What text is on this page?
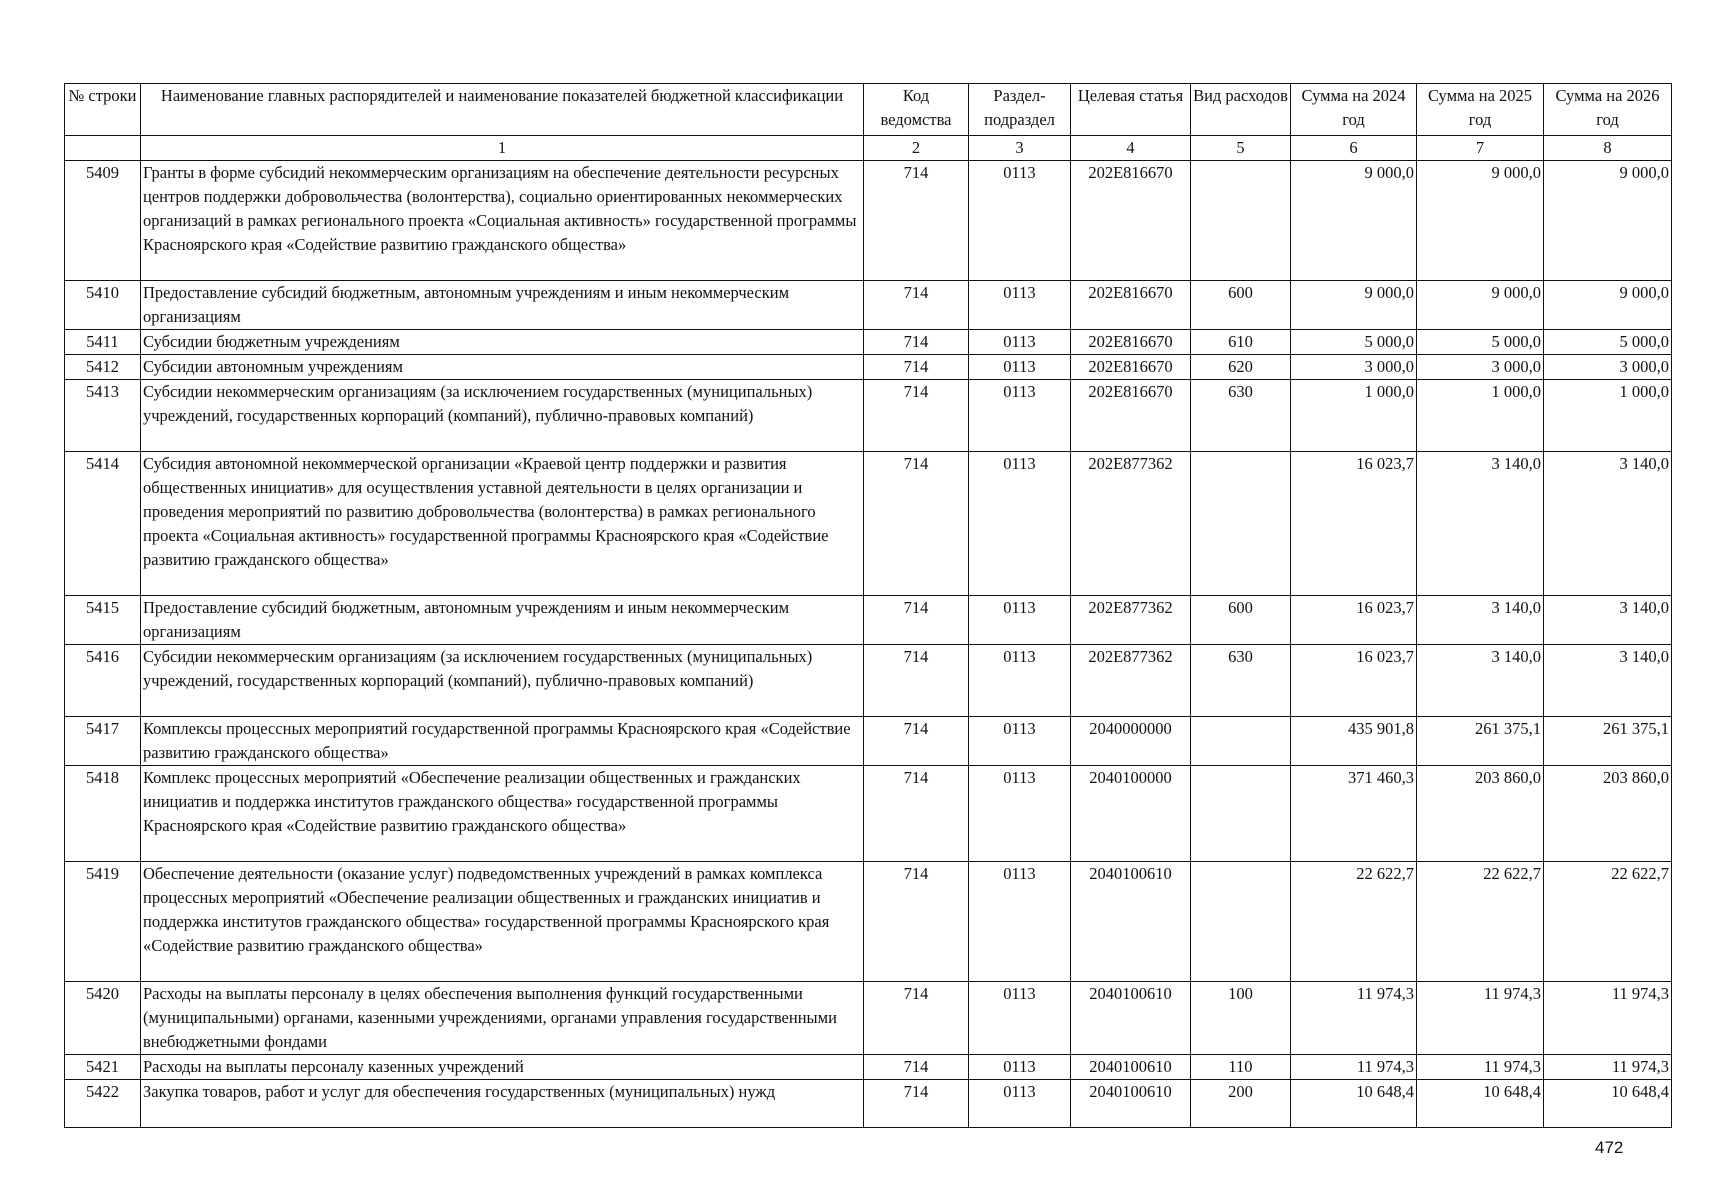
№ строки	Наименование главных распорядителей и наименование показателей бюджетной классификации	Код ведомства	Раздел-подраздел	Целевая статья	Вид расходов	Сумма на 2024 год	Сумма на 2025 год	Сумма на 2026 год
	1	2	3	4	5	6	7	8
5409	Гранты в форме субсидий некоммерческим организациям на обеспечение деятельности ресурсных центров поддержки добровольчества (волонтерства), социально ориентированных некоммерческих организаций в рамках регионального проекта «Социальная активность» государственной программы Красноярского края «Содействие развитию гражданского общества»	714	0113	202E816670		9 000,0	9 000,0	9 000,0
5410	Предоставление субсидий бюджетным, автономным учреждениям и иным некоммерческим организациям	714	0113	202E816670	600	9 000,0	9 000,0	9 000,0
5411	Субсидии бюджетным учреждениям	714	0113	202E816670	610	5 000,0	5 000,0	5 000,0
5412	Субсидии автономным учреждениям	714	0113	202E816670	620	3 000,0	3 000,0	3 000,0
5413	Субсидии некоммерческим организациям (за исключением государственных (муниципальных) учреждений, государственных корпораций (компаний), публично-правовых компаний)	714	0113	202E816670	630	1 000,0	1 000,0	1 000,0
5414	Субсидия автономной некоммерческой организации «Краевой центр поддержки и развития общественных инициатив» для осуществления уставной деятельности в целях организации и проведения мероприятий по развитию добровольчества (волонтерства) в рамках регионального проекта «Социальная активность» государственной программы Красноярского края «Содействие развитию гражданского общества»	714	0113	202E877362		16 023,7	3 140,0	3 140,0
5415	Предоставление субсидий бюджетным, автономным учреждениям и иным некоммерческим организациям	714	0113	202E877362	600	16 023,7	3 140,0	3 140,0
5416	Субсидии некоммерческим организациям (за исключением государственных (муниципальных) учреждений, государственных корпораций (компаний), публично-правовых компаний)	714	0113	202E877362	630	16 023,7	3 140,0	3 140,0
5417	Комплексы процессных мероприятий государственной программы Красноярского края «Содействие развитию гражданского общества»	714	0113	2040000000		435 901,8	261 375,1	261 375,1
5418	Комплекс процессных мероприятий «Обеспечение реализации общественных и гражданских инициатив и поддержка институтов гражданского общества» государственной программы Красноярского края «Содействие развитию гражданского общества»	714	0113	2040100000		371 460,3	203 860,0	203 860,0
5419	Обеспечение деятельности (оказание услуг) подведомственных учреждений в рамках комплекса процессных мероприятий «Обеспечение реализации общественных и гражданских инициатив и поддержка институтов гражданского общества» государственной программы Красноярского края «Содействие развитию гражданского общества»	714	0113	2040100610		22 622,7	22 622,7	22 622,7
5420	Расходы на выплаты персоналу в целях обеспечения выполнения функций государственными (муниципальными) органами, казенными учреждениями, органами управления государственными внебюджетными фондами	714	0113	2040100610	100	11 974,3	11 974,3	11 974,3
5421	Расходы на выплаты персоналу казенных учреждений	714	0113	2040100610	110	11 974,3	11 974,3	11 974,3
5422	Закупка товаров, работ и услуг для обеспечения государственных (муниципальных) нужд	714	0113	2040100610	200	10 648,4	10 648,4	10 648,4
472
